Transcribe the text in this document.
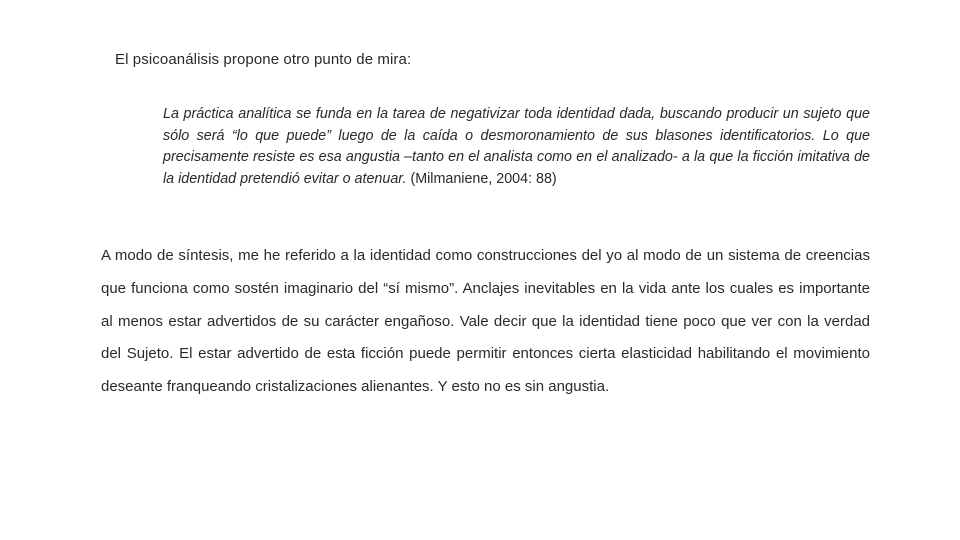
El psicoanálisis propone otro punto de mira:

La práctica analítica se funda en la tarea de negativizar toda identidad dada, buscando producir un sujeto que sólo será “lo que puede” luego de la caída o desmoronamiento de sus blasones identificatorios. Lo que precisamente resiste es esa angustia –tanto en el analista como en el analizado- a la que la ficción imitativa de la identidad pretendió evitar o atenuar. (Milmaniene, 2004: 88)

A modo de síntesis, me he referido a la identidad como construcciones del yo al modo de un sistema de creencias que funciona como sostén imaginario del “sí mismo”. Anclajes inevitables en la vida ante los cuales es importante al menos estar advertidos de su carácter engañoso. Vale decir que la identidad tiene poco que ver con la verdad del Sujeto. El estar advertido de esta ficción puede permitir entonces cierta elasticidad habilitando el movimiento deseante franqueando cristalizaciones alienantes. Y esto no es sin angustia.
